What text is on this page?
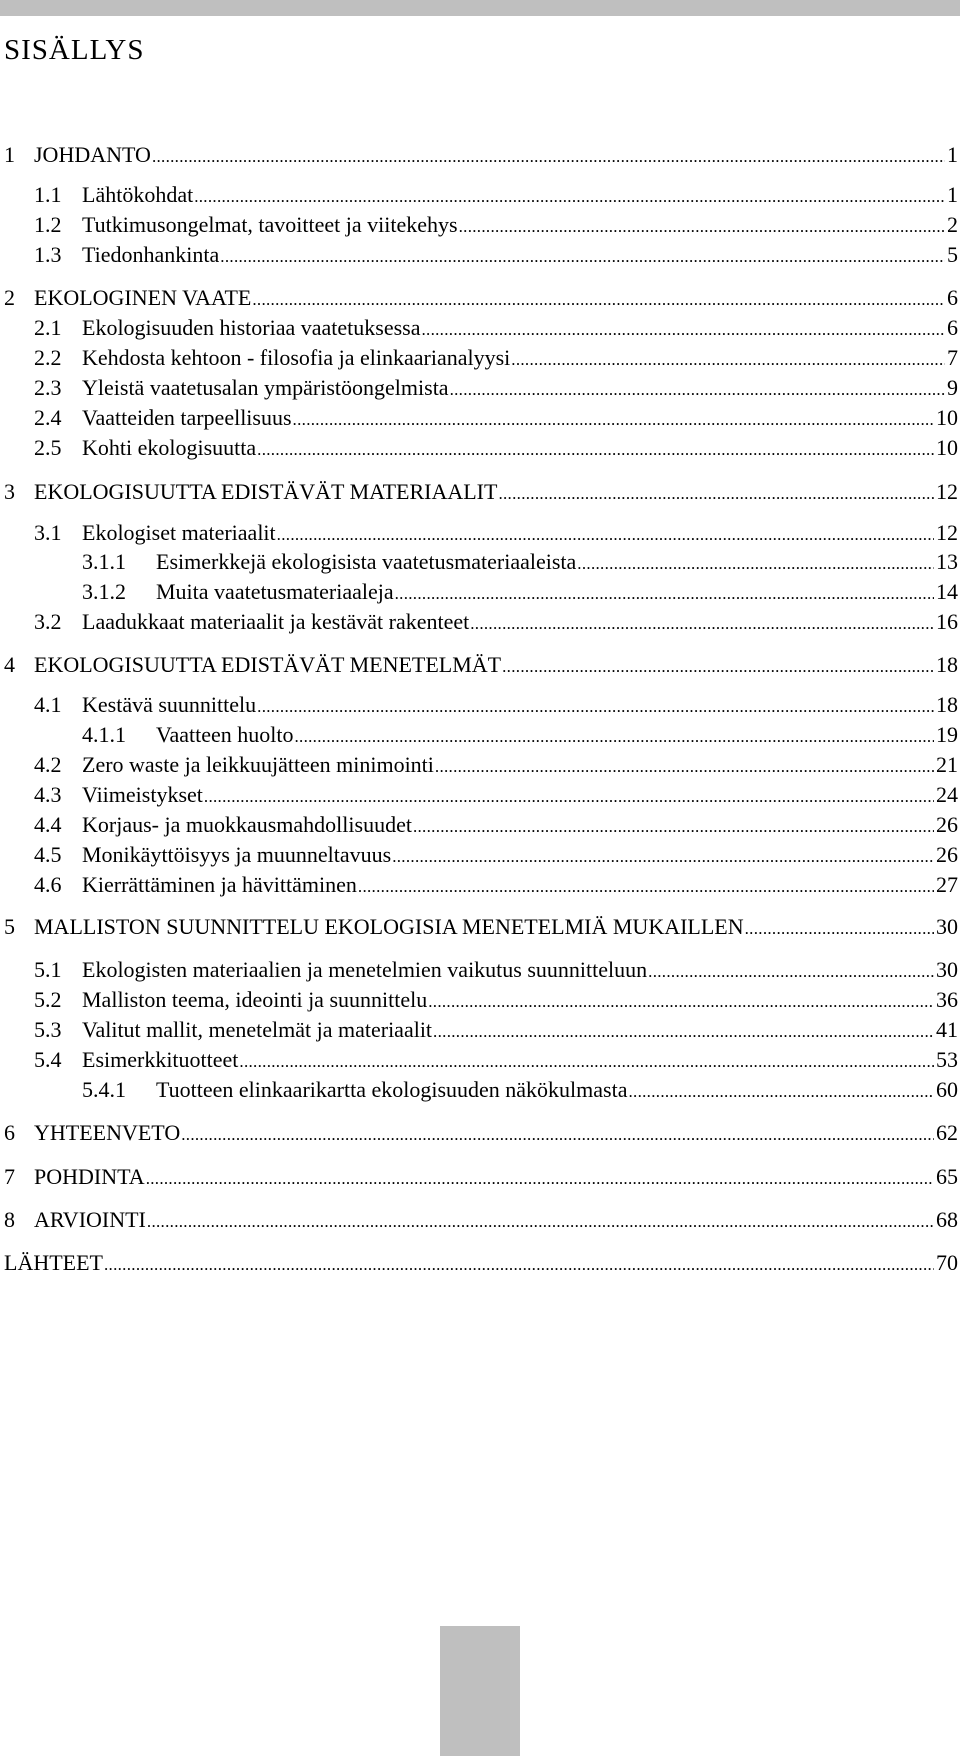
SISÄLLYS
1 JOHDANTO .....	1
1.1 Lähtökohdat .....	1
1.2 Tutkimusongelmat, tavoitteet ja viitekehys .....	2
1.3 Tiedonhankinta .....	5
2 EKOLOGINEN VAATE .....	6
2.1 Ekologisuuden historiaa vaatetuksessa .....	6
2.2 Kehdosta kehtoon - filosofia ja elinkaarianalyysi .....	7
2.3 Yleistä vaatetusalan ympäristöongelmista .....	9
2.4 Vaatteiden tarpeellisuus .....	10
2.5 Kohti ekologisuutta .....	10
3 EKOLOGISUUTTA EDISTÄVÄT MATERIAALIT .....	12
3.1 Ekologiset materiaalit .....	12
3.1.1	Esimerkkejä ekologisista vaatetusmateriaaleista .....	13
3.1.2	Muita vaatetusmateriaaleja .....	14
3.2 Laadukkaat materiaalit ja kestävät rakenteet .....	16
4 EKOLOGISUUTTA EDISTÄVÄT MENETELMÄT .....	18
4.1 Kestävä suunnittelu .....	18
4.1.1	Vaatteen huolto .....	19
4.2 Zero waste ja leikkuujätteen minimointi .....	21
4.3 Viimeistykset .....	24
4.4 Korjaus- ja muokkausmahdollisuudet .....	26
4.5 Monikäyttöisyys ja muunneltavuus .....	26
4.6 Kierrättäminen ja hävittäminen .....	27
5 MALLISTON SUUNNITTELU EKOLOGISIA MENETELMIÄ MUKAILLEN .....	30
5.1 Ekologisten materiaalien ja menetelmien vaikutus suunnitteluun .....	30
5.2 Malliston teema, ideointi ja suunnittelu .....	36
5.3 Valitut mallit, menetelmät ja materiaalit .....	41
5.4 Esimerkkituotteet .....	53
5.4.1	Tuotteen elinkaarikartta ekologisuuden näkökulmasta .....	60
6 YHTEENVETO .....	62
7 POHDINTA .....	65
8 ARVIOINTI .....	68
LÄHTEET .....	70
